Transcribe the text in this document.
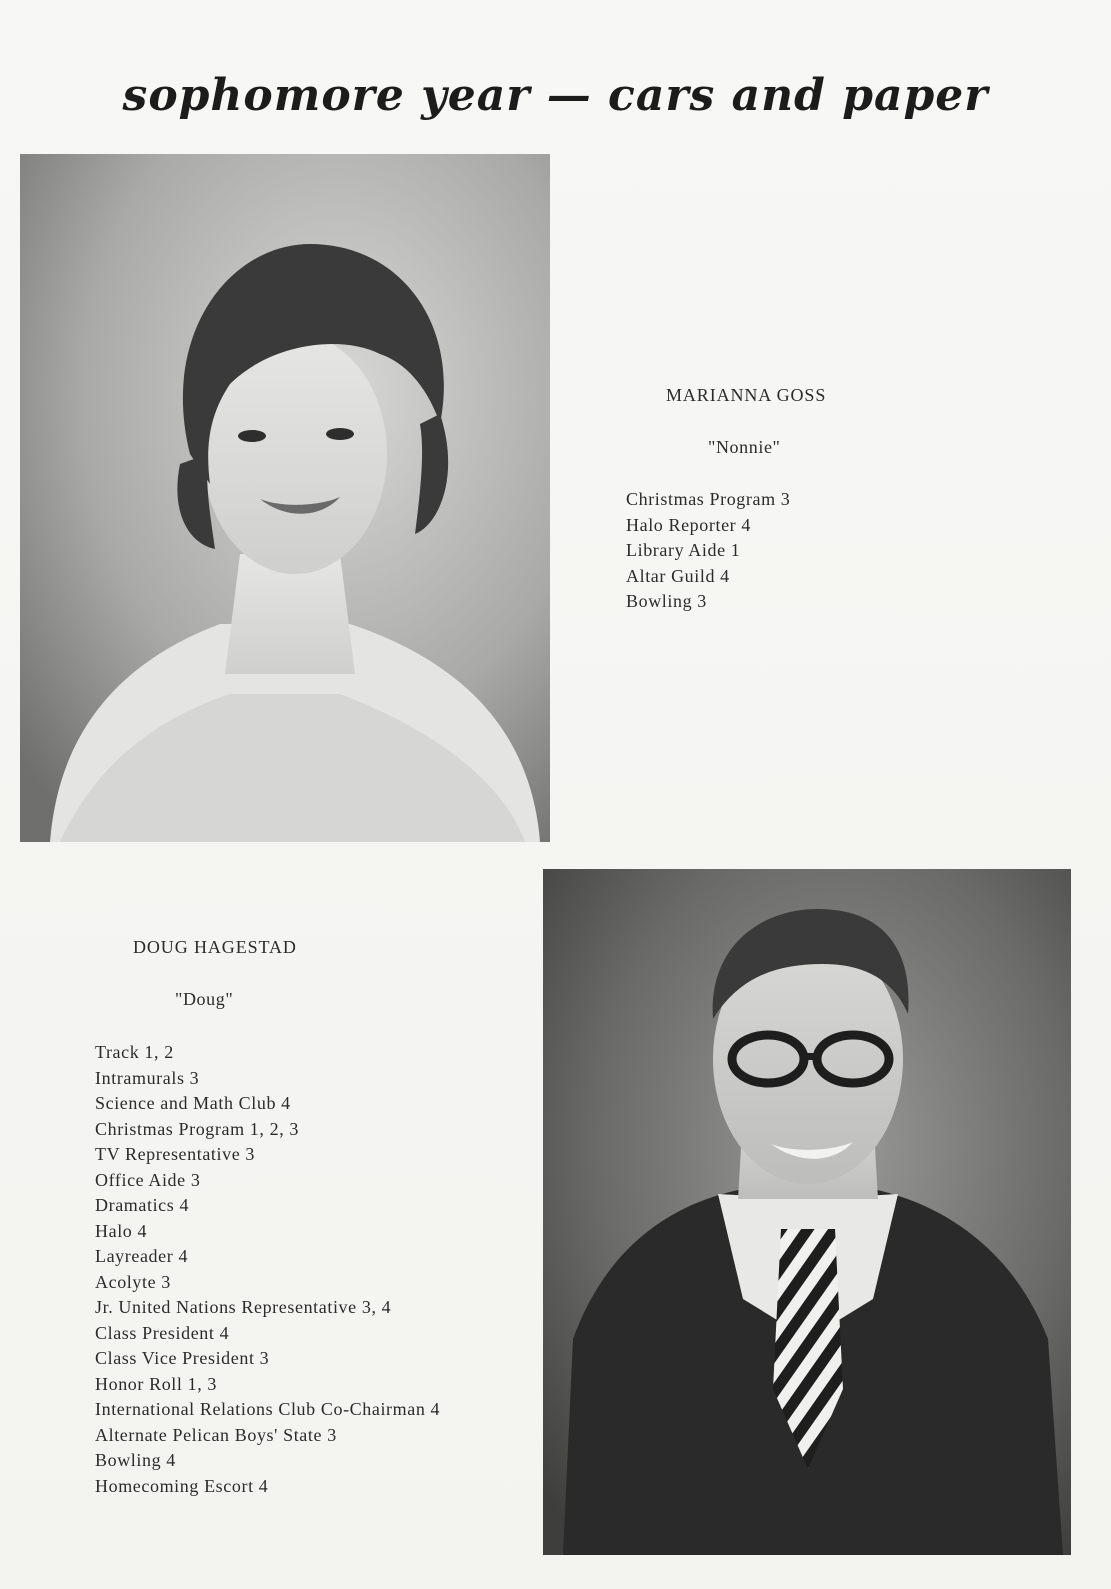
sophomore year — cars and paper
MARIANNA GOSS
"Nonnie"
Christmas Program 3
Halo Reporter 4
Library Aide 1
Altar Guild 4
Bowling 3
DOUG HAGESTAD
"Doug"
Track 1, 2
Intramurals 3
Science and Math Club 4
Christmas Program 1, 2, 3
TV Representative 3
Office Aide 3
Dramatics 4
Halo 4
Layreader 4
Acolyte 3
Jr. United Nations Representative 3, 4
Class President 4
Class Vice President 3
Honor Roll 1, 3
International Relations Club Co-Chairman 4
Alternate Pelican Boys' State 3
Bowling 4
Homecoming Escort 4
